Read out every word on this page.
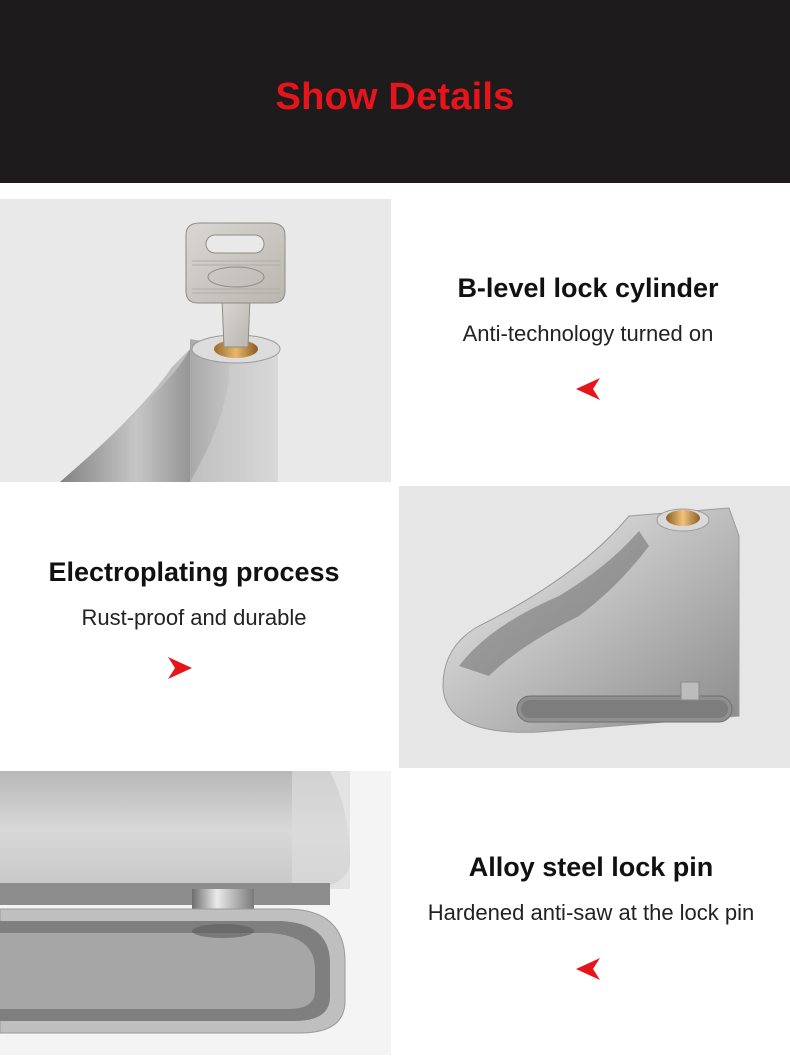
Show Details
B-level lock cylinder
Anti-technology turned on
Electroplating process
Rust-proof and durable
Alloy steel lock pin
Hardened anti-saw at the lock pin
